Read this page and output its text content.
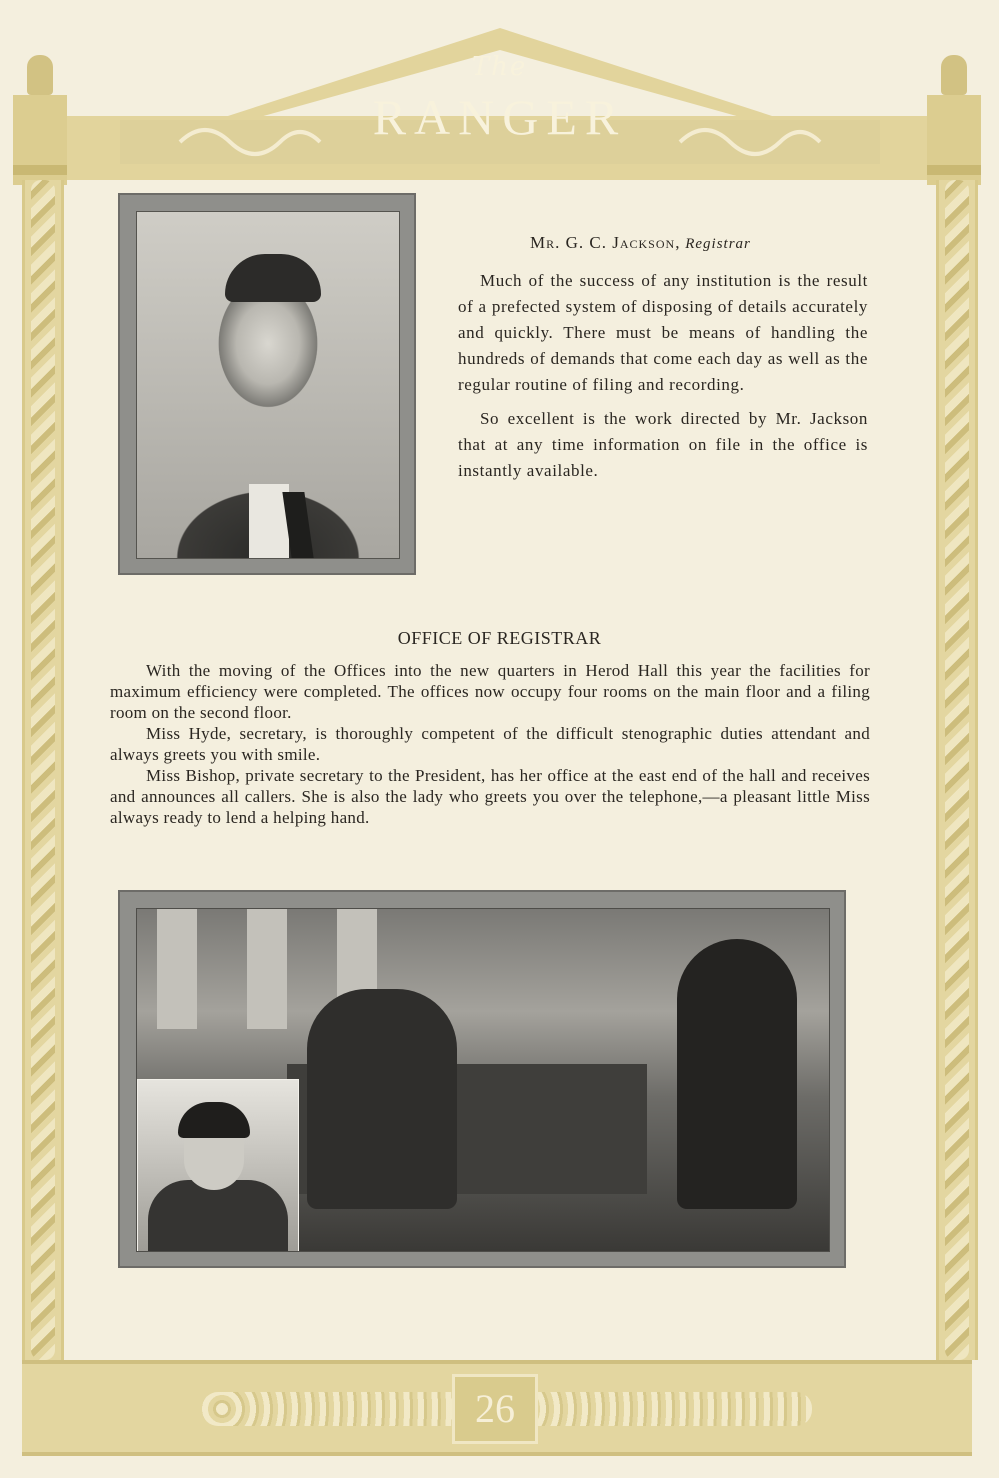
The
RANGER
Mr. G. C. Jackson, Registrar

Much of the success of any institution is the result of a prefected system of disposing of details accurately and quickly. There must be means of handling the hundreds of demands that come each day as well as the regular routine of filing and recording.

So excellent is the work directed by Mr. Jackson that at any time information on file in the office is instantly available.

OFFICE OF REGISTRAR

With the moving of the Offices into the new quarters in Herod Hall this year the facilities for maximum efficiency were completed. The offices now occupy four rooms on the main floor and a filing room on the second floor.

Miss Hyde, secretary, is thoroughly competent of the difficult stenographic duties attendant and always greets you with smile.

Miss Bishop, private secretary to the President, has her office at the east end of the hall and receives and announces all callers. She is also the lady who greets you over the telephone,—a pleasant little Miss always ready to lend a helping hand.

26
